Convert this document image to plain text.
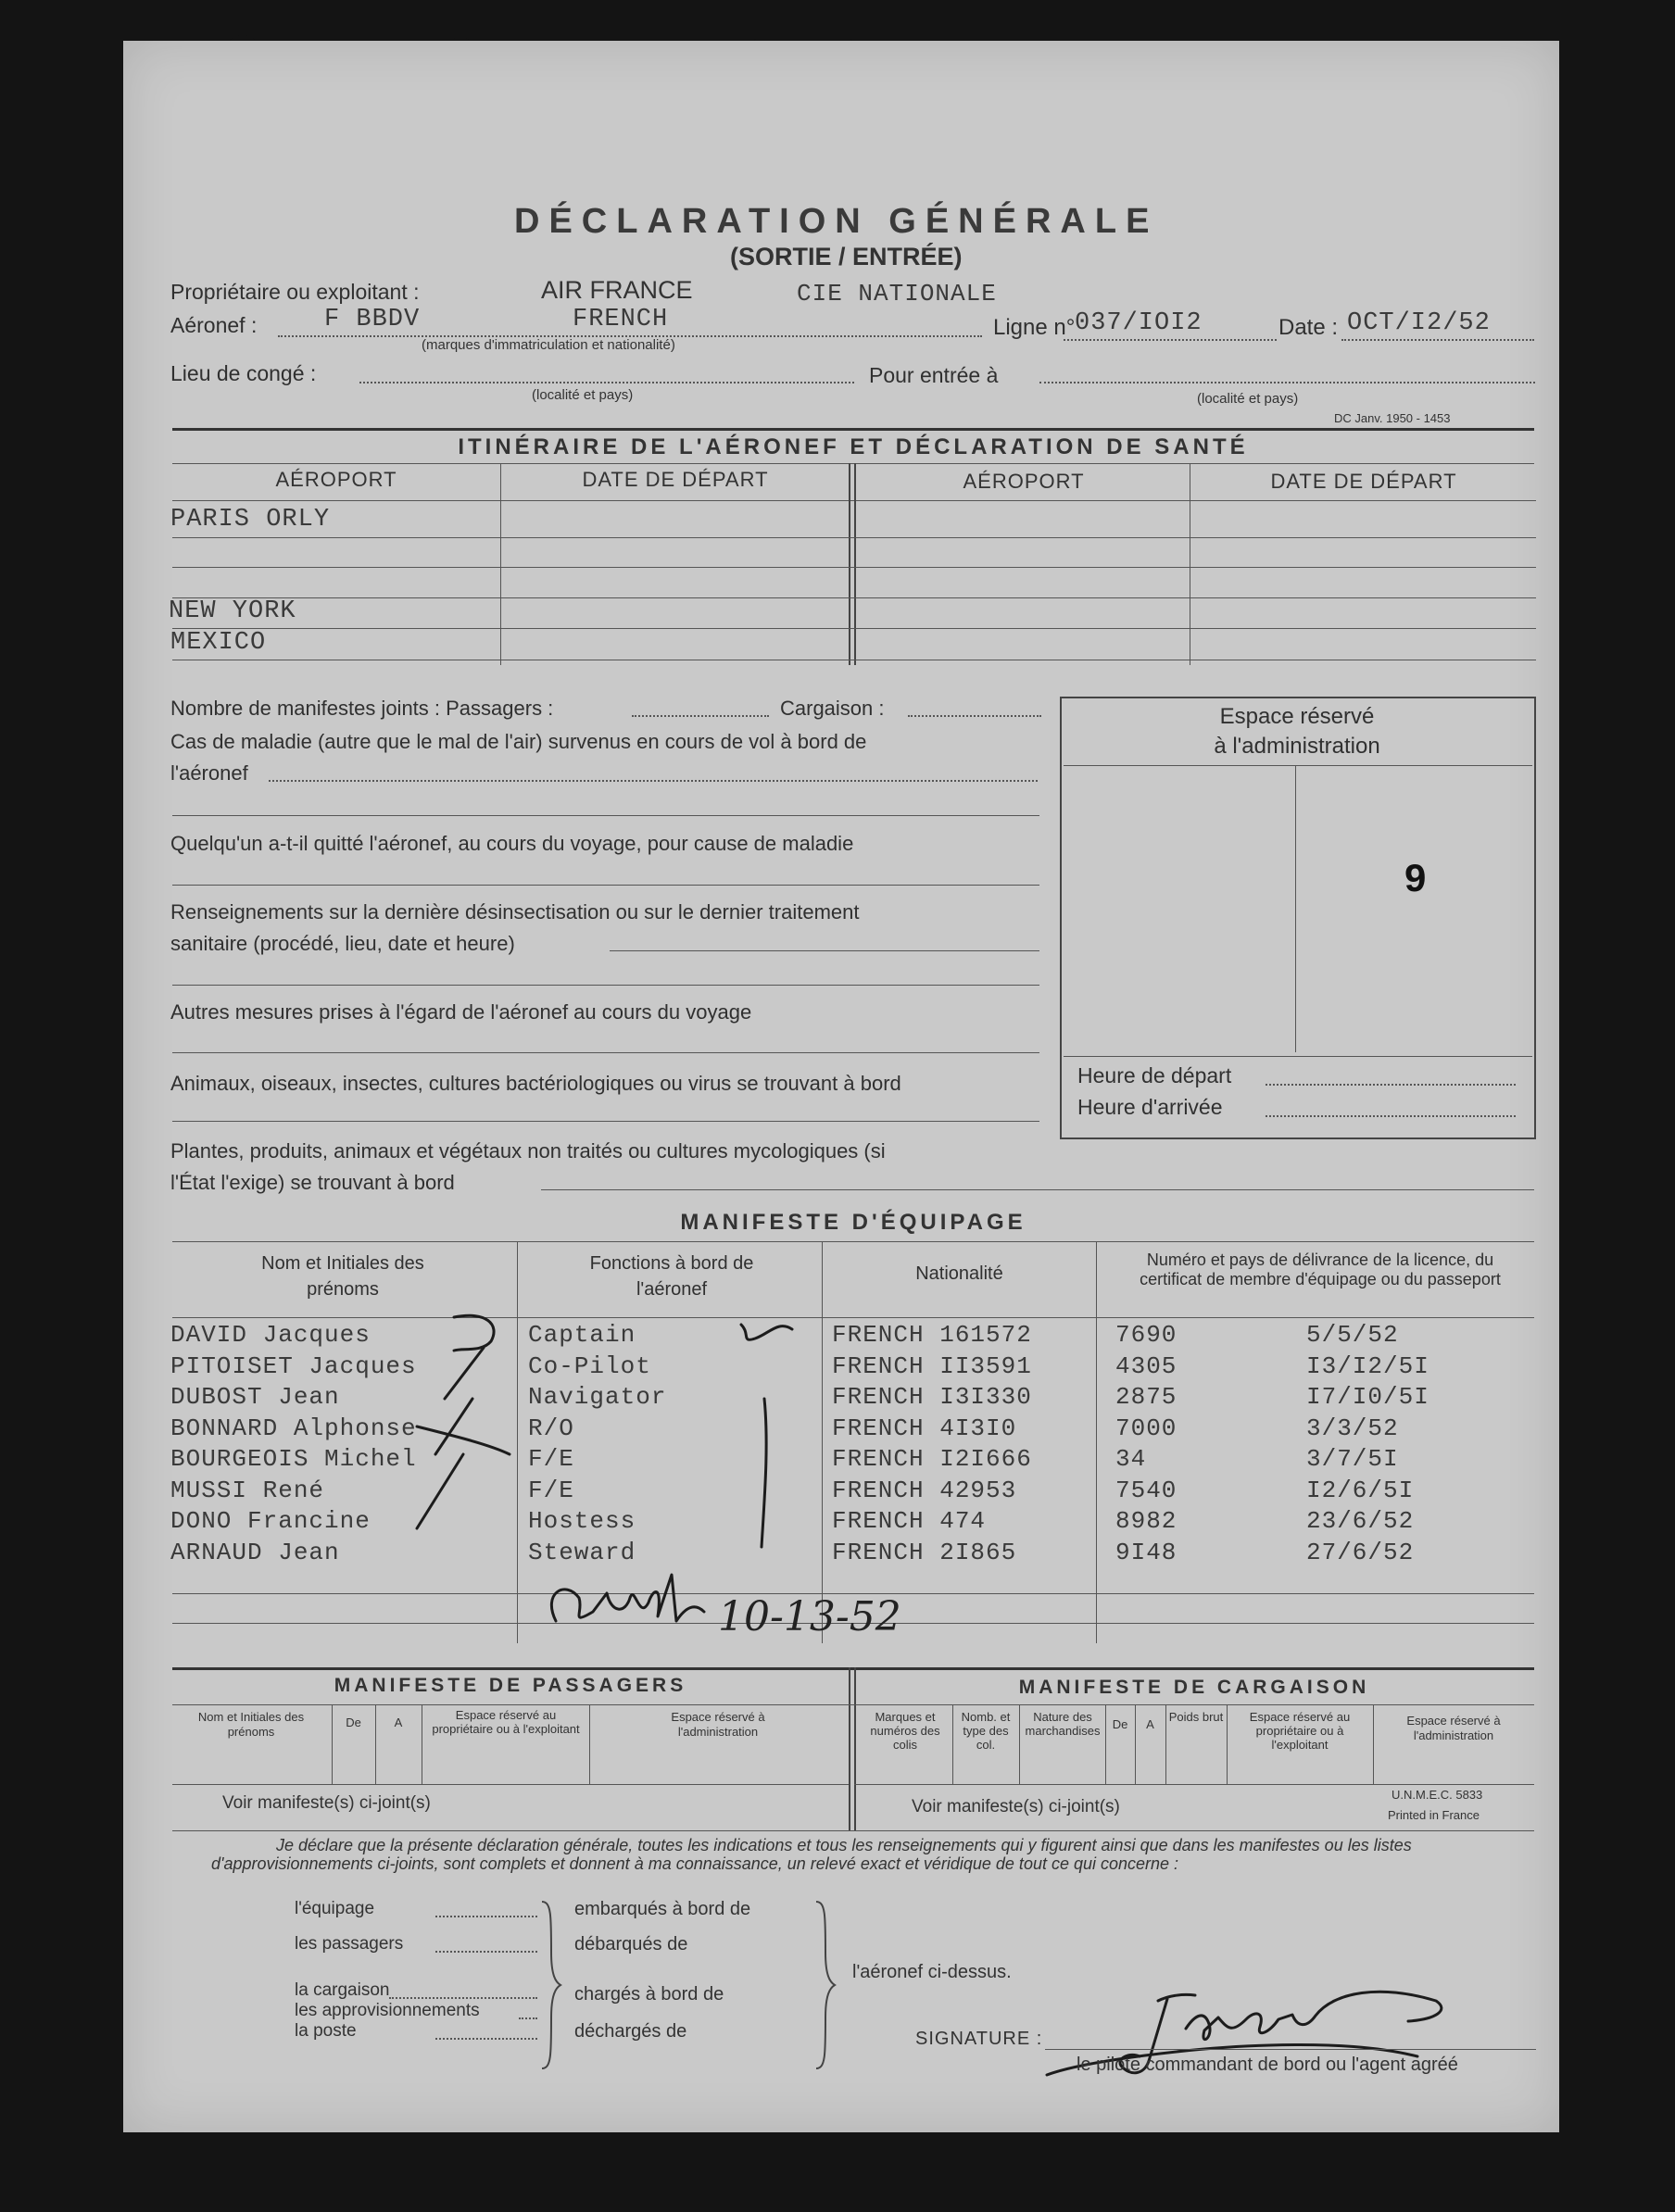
DÉCLARATION GÉNÉRALE
(SORTIE / ENTRÉE)
Propriétaire ou exploitant :	AIR FRANCE	CIE NATIONALE
Aéronef :	F BBDV	FRENCH
(marques d'immatriculation et nationalité)
Ligne n° 037/IOI2	Date : OCT/I2/52
Lieu de congé :
(localité et pays)
Pour entrée à
(localité et pays)
DC Janv. 1950 - 1453
ITINÉRAIRE DE L'AÉRONEF ET DÉCLARATION DE SANTÉ
AÉROPORT	DATE DE DÉPART	AÉROPORT	DATE DE DÉPART
PARIS ORLY
NEW YORK
MEXICO
Nombre de manifestes joints : Passagers :	Cargaison :
Cas de maladie (autre que le mal de l'air) survenus en cours de vol à bord de
l'aéronef
Quelqu'un a-t-il quitté l'aéronef, au cours du voyage, pour cause de maladie
Renseignements sur la dernière désinsectisation ou sur le dernier traitement
sanitaire (procédé, lieu, date et heure)
Autres mesures prises à l'égard de l'aéronef au cours du voyage
Animaux, oiseaux, insectes, cultures bactériologiques ou virus se trouvant à bord
Plantes, produits, animaux et végétaux non traités ou cultures mycologiques (si
l'État l'exige) se trouvant à bord
Espace réservé
à l'administration
9
Heure de départ
Heure d'arrivée
MANIFESTE D'ÉQUIPAGE
Nom et Initiales des prénoms
Fonctions à bord de l'aéronef
Nationalité
Numéro et pays de délivrance de la licence, du certificat de membre d'équipage ou du passeport
DAVID Jacques	Captain	FRENCH 161572	7690	5/5/52
PITOISET Jacques	Co-Pilot	FRENCH II3591	4305	I3/I2/5I
DUBOST Jean	Navigator	FRENCH I3I330	2875	I7/I0/5I
BONNARD Alphonse	R/O	FRENCH 4I3I0	7000	3/3/52
BOURGEOIS Michel	F/E	FRENCH I2I666	34	3/7/5I
MUSSI René	F/E	FRENCH 42953	7540	I2/6/5I
DONO Francine	Hostess	FRENCH 474	8982	23/6/52
ARNAUD Jean	Steward	FRENCH 2I865	9I48	27/6/52
10-13-52
MANIFESTE DE PASSAGERS	MANIFESTE DE CARGAISON
Nom et Initiales des prénoms
De	A
Espace réservé au propriétaire ou à l'exploitant
Espace réservé à l'administration
Voir manifeste(s) ci-joint(s)
Marques et numéros des colis
Nomb. et type des col.
Nature des marchandises	De	A
Poids brut	Espace réservé au propriétaire ou à l'exploitant
Espace réservé à l'administration
Voir manifeste(s) ci-joint(s)
U.N.M.E.C. 5833
Printed in France
Je déclare que la présente déclaration générale, toutes les indications et tous les renseignements qui y figurent ainsi que dans les manifestes ou les listes d'approvisionnements ci-joints, sont complets et donnent à ma connaissance, un relevé exact et véridique de tout ce qui concerne :
l'équipage
les passagers
la cargaison
les approvisionnements
la poste
embarqués à bord de
débarqués de
chargés à bord de
déchargés de
l'aéronef ci-dessus.
SIGNATURE :
le pilote commandant de bord ou l'agent agréé
